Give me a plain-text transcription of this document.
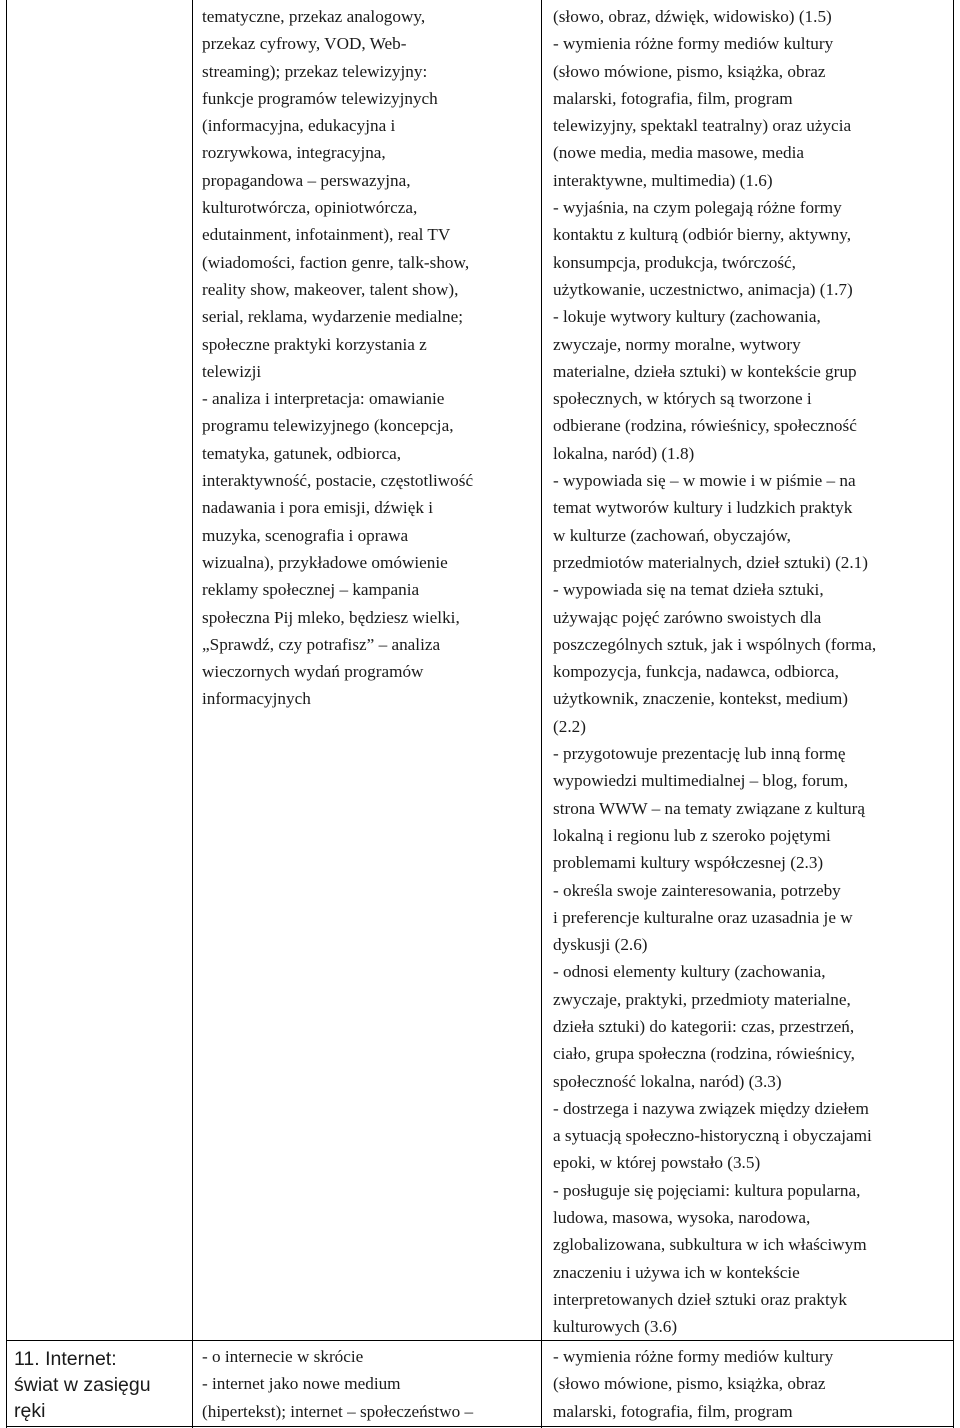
tematyczne, przekaz analogowy,
przekaz cyfrowy, VOD, Web-
streaming); przekaz telewizyjny:
funkcje programów telewizyjnych
(informacyjna, edukacyjna i
rozrywkowa, integracyjna,
propagandowa – perswazyjna,
kulturotwórcza, opiniotwórcza,
edutainment, infotainment), real TV
(wiadomości, faction genre, talk-show,
reality show, makeover, talent show),
serial, reklama, wydarzenie medialne;
społeczne praktyki korzystania z
telewizji
- analiza i interpretacja: omawianie
programu telewizyjnego (koncepcja,
tematyka, gatunek, odbiorca,
interaktywność, postacie, częstotliwość
nadawania i pora emisji, dźwięk i
muzyka, scenografia i oprawa
wizualna), przykładowe omówienie
reklamy społecznej – kampania
społeczna Pij mleko, będziesz wielki,
„Sprawdź, czy potrafisz” – analiza
wieczornych wydań programów
informacyjnych
(słowo, obraz, dźwięk, widowisko) (1.5)
- wymienia różne formy mediów kultury
(słowo mówione, pismo, książka, obraz
malarski, fotografia, film, program
telewizyjny, spektakl teatralny) oraz użycia
(nowe media, media masowe, media
interaktywne, multimedia) (1.6)
- wyjaśnia, na czym polegają różne formy
kontaktu z kulturą (odbiór bierny, aktywny,
konsumpcja, produkcja, twórczość,
użytkowanie, uczestnictwo, animacja) (1.7)
- lokuje wytwory kultury (zachowania,
zwyczaje, normy moralne, wytwory
materialne, dzieła sztuki) w kontekście grup
społecznych, w których są tworzone i
odbierane (rodzina, rówieśnicy, społeczność
lokalna, naród) (1.8)
- wypowiada się – w mowie i w piśmie – na
temat wytworów kultury i ludzkich praktyk
w kulturze (zachowań, obyczajów,
przedmiotów materialnych, dzieł sztuki) (2.1)
- wypowiada się na temat dzieła sztuki,
używając pojęć zarówno swoistych dla
poszczególnych sztuk, jak i wspólnych (forma,
kompozycja, funkcja, nadawca, odbiorca,
użytkownik, znaczenie, kontekst, medium)
(2.2)
- przygotowuje prezentację lub inną formę
wypowiedzi multimedialnej – blog, forum,
strona WWW – na tematy związane z kulturą
lokalną i regionu lub z szeroko pojętymi
problemami kultury współczesnej (2.3)
- określa swoje zainteresowania, potrzeby
i preferencje kulturalne oraz uzasadnia je w
dyskusji (2.6)
- odnosi elementy kultury (zachowania,
zwyczaje, praktyki, przedmioty materialne,
dzieła sztuki) do kategorii: czas, przestrzeń,
ciało, grupa społeczna (rodzina, rówieśnicy,
społeczność lokalna, naród) (3.3)
- dostrzega i nazywa związek między dziełem
a sytuacją społeczno-historyczną i obyczajami
epoki, w której powstało (3.5)
- posługuje się pojęciami: kultura popularna,
ludowa, masowa, wysoka, narodowa,
zglobalizowana, subkultura w ich właściwym
znaczeniu i używa ich w kontekście
interpretowanych dzieł sztuki oraz praktyk
kulturowych (3.6)
11. Internet:
świat w zasięgu
ręki
- o internecie w skrócie
- internet jako nowe medium
(hipertekst); internet – społeczeństwo –
- wymienia różne formy mediów kultury
(słowo mówione, pismo, książka, obraz
malarski, fotografia, film, program
